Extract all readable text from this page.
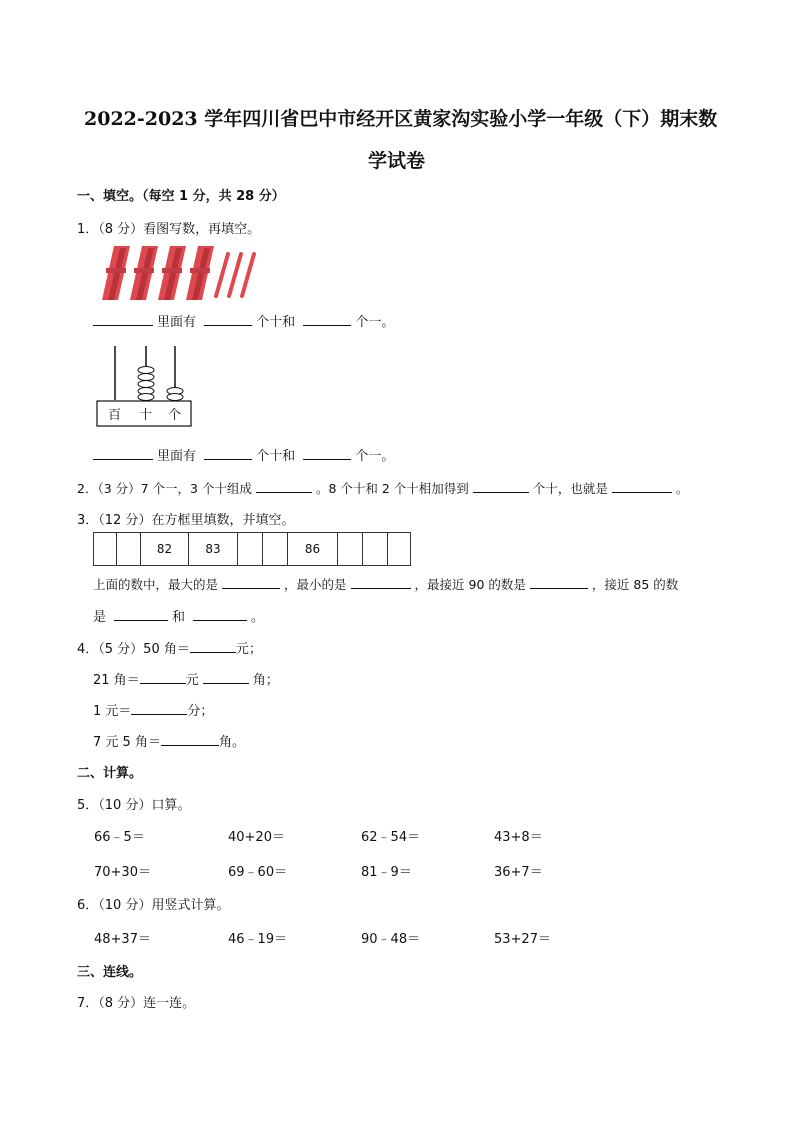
2022-2023 学年四川省巴中市经开区黄家沟实验小学一年级（下）期末数
学试卷
一、填空。（每空 1 分，共 28 分）
1．（8 分）看图写数，再填空。
里面有	个十和	个一。
百 十 个
里面有	个十和	个一。
2．（3 分）7 个一，3 个十组成	。8 个十和 2 个十相加得到	个十，也就是	。
3．（12 分）在方框里填数，并填空。
82	83	86
上面的数中，最大的是	，最小的是	，最接近 90 的数是	，接近 85 的数
是	和	。
4．（5 分）50 角＝	元；
21 角＝	元	角；
1 元＝	分；
7 元 5 角＝	角。
二、计算。
5．（10 分）口算。
66﹣5＝	40+20＝	62﹣54＝	43+8＝
70+30＝	69﹣60＝	81﹣9＝	36+7＝
6．（10 分）用竖式计算。
48+37＝	46﹣19＝	90﹣48＝	53+27＝
三、连线。
7．（8 分）连一连。
